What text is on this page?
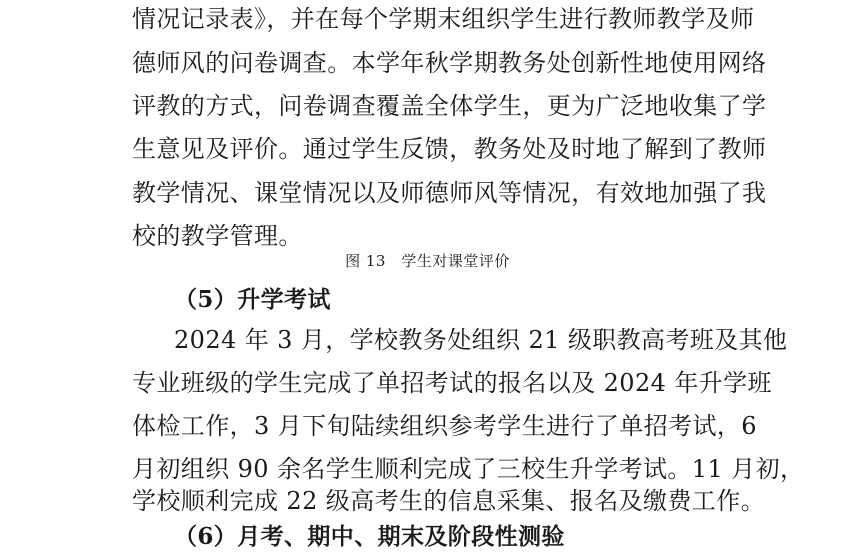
情况记录表》，并在每个学期末组织学生进行教师教学及师
德师风的问卷调查。本学年秋学期教务处创新性地使用网络
评教的方式，问卷调查覆盖全体学生，更为广泛地收集了学
生意见及评价。通过学生反馈，教务处及时地了解到了教师
教学情况、课堂情况以及师德师风等情况，有效地加强了我
校的教学管理。
图 13　学生对课堂评价
（5）升学考试
2024 年 3 月，学校教务处组织 21 级职教高考班及其他
专业班级的学生完成了单招考试的报名以及 2024 年升学班
体检工作，3 月下旬陆续组织参考学生进行了单招考试，6
月初组织 90 余名学生顺利完成了三校生升学考试。11 月初，
学校顺利完成 22 级高考生的信息采集、报名及缴费工作。
（6）月考、期中、期末及阶段性测验
